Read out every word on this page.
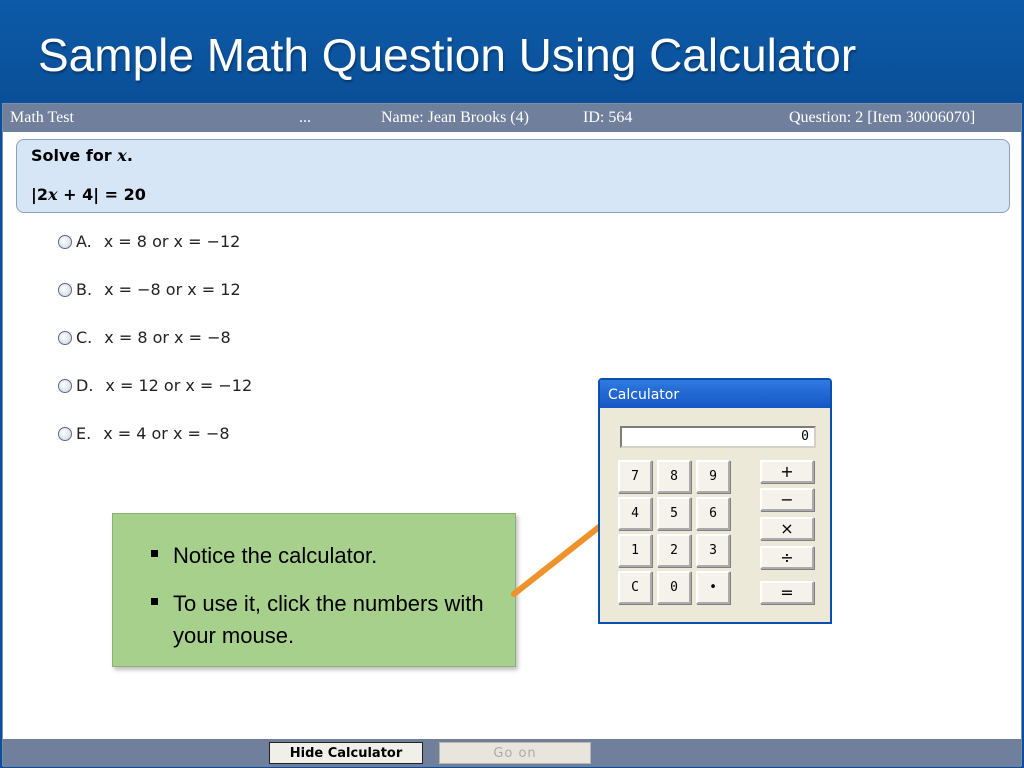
Sample Math Question Using Calculator
Math Test	...	Name: Jean Brooks (4)	ID: 564	Question: 2 [Item 30006070]
Solve for x.
|2x + 4| = 20
A. x = 8 or x = −12
B. x = −8 or x = 12
C. x = 8 or x = −8
D. x = 12 or x = −12
E. x = 4 or x = −8
Notice the calculator.
To use it, click the numbers with your mouse.
Calculator
0
7	8	9
4	5	6
1	2	3
C	0	•
+
−
×
÷
=
Hide Calculator	Go on
